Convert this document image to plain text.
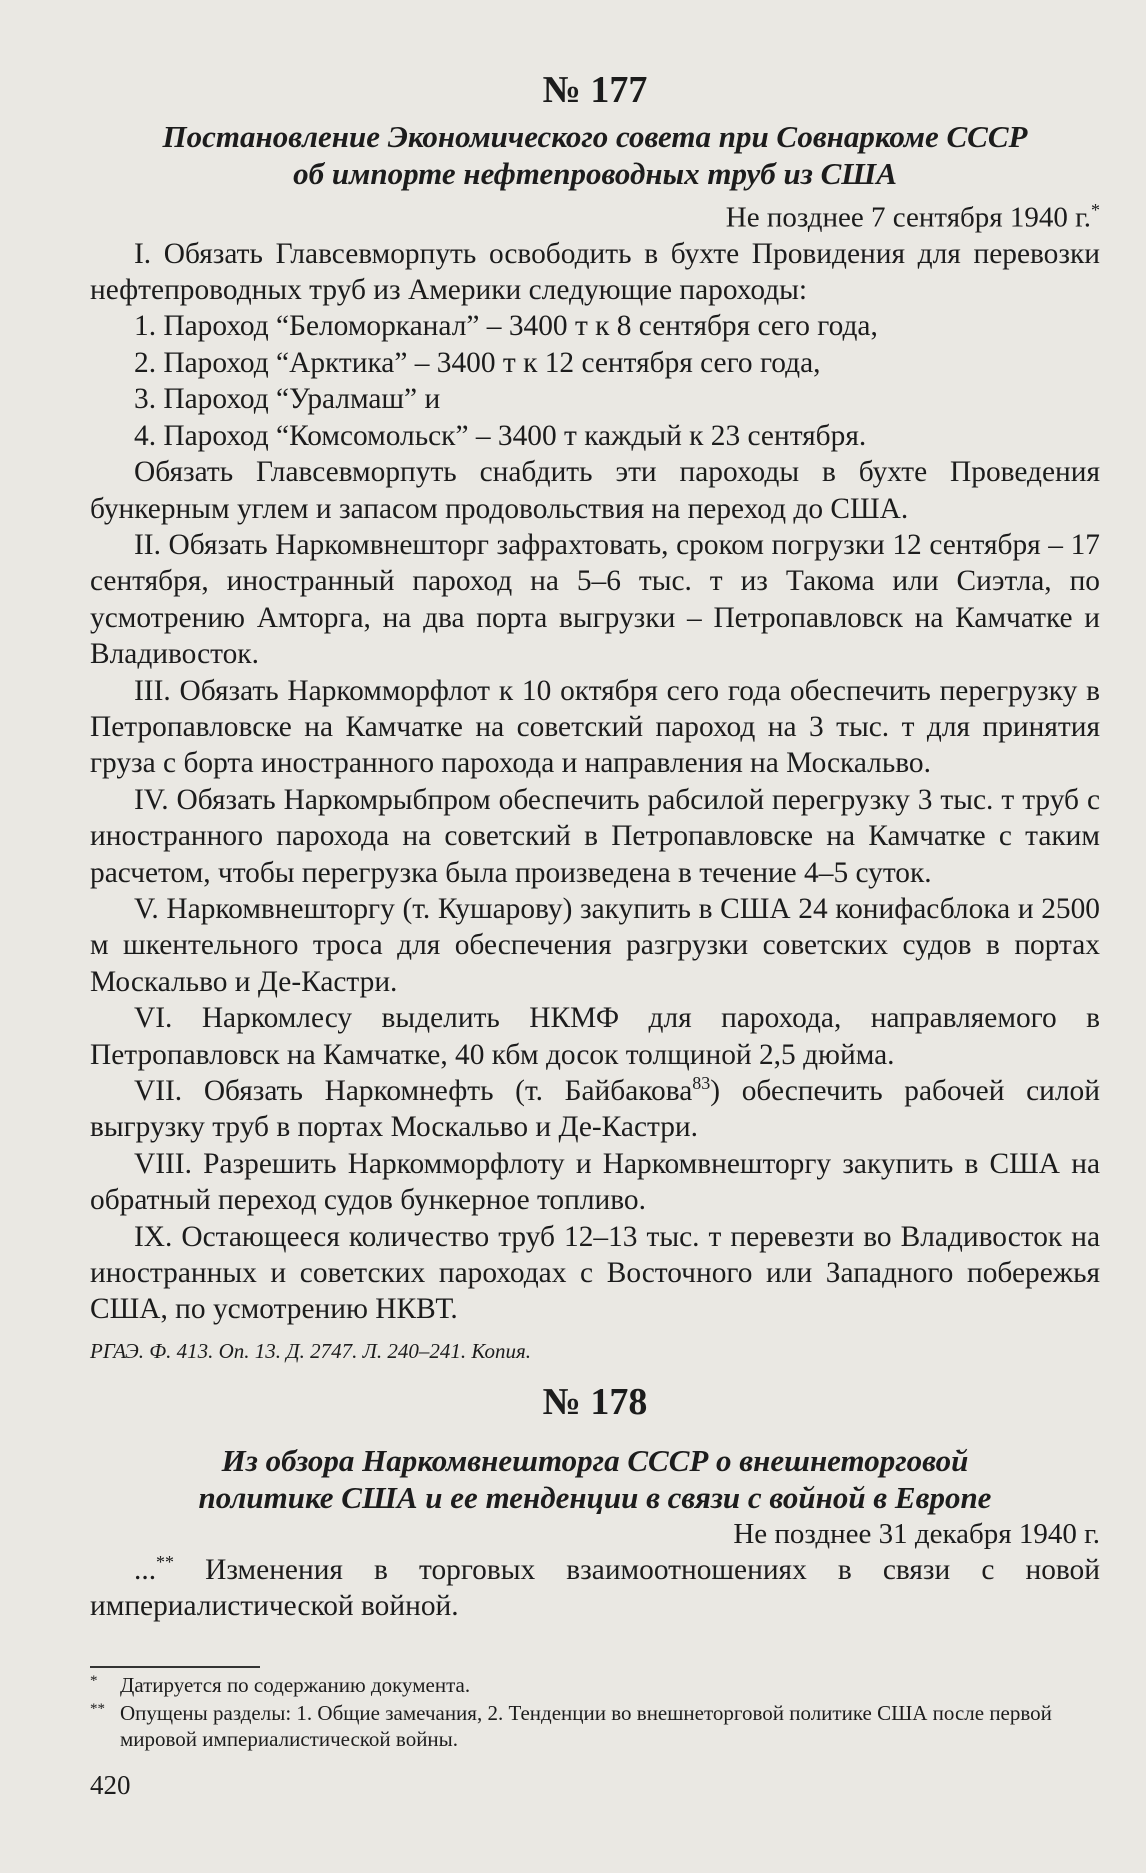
№ 177
Постановление Экономического совета при Совнаркоме СССР
об импорте нефтепроводных труб из США
Не позднее 7 сентября 1940 г.*

I. Обязать Главсевморпуть освободить в бухте Провидения для перевозки нефтепроводных труб из Америки следующие пароходы:

1. Пароход “Беломорканал” – 3400 т к 8 сентября сего года,

2. Пароход “Арктика” – 3400 т к 12 сентября сего года,

3. Пароход “Уралмаш” и

4. Пароход “Комсомольск” – 3400 т каждый к 23 сентября.

Обязать Главсевморпуть снабдить эти пароходы в бухте Проведения бункерным углем и запасом продовольствия на переход до США.

II. Обязать Наркомвнешторг зафрахтовать, сроком погрузки 12 сентября – 17 сентября, иностранный пароход на 5–6 тыс. т из Такома или Сиэтла, по усмотрению Амторга, на два порта выгрузки – Петропавловск на Камчатке и Владивосток.

III. Обязать Наркомморфлот к 10 октября сего года обеспечить перегрузку в Петропавловске на Камчатке на советский пароход на 3 тыс. т для принятия груза с борта иностранного парохода и направления на Москальво.

IV. Обязать Наркомрыбпром обеспечить рабсилой перегрузку 3 тыс. т труб с иностранного парохода на советский в Петропавловске на Камчатке с таким расчетом, чтобы перегрузка была произведена в течение 4–5 суток.

V. Наркомвнешторгу (т. Кушарову) закупить в США 24 конифасблока и 2500 м шкентельного троса для обеспечения разгрузки советских судов в портах Москальво и Де-Кастри.

VI. Наркомлесу выделить НКМФ для парохода, направляемого в Петропавловск на Камчатке, 40 кбм досок толщиной 2,5 дюйма.

VII. Обязать Наркомнефть (т. Байбакова$^{83}$) обеспечить рабочей силой выгрузку труб в портах Москальво и Де-Кастри.

VIII. Разрешить Наркомморфлоту и Наркомвнешторгу закупить в США на обратный переход судов бункерное топливо.

IX. Остающееся количество труб 12–13 тыс. т перевезти во Владивосток на иностранных и советских пароходах с Восточного или Западного побережья США, по усмотрению НКВТ.

РГАЭ. Ф. 413. Оп. 13. Д. 2747. Л. 240–241. Копия.
№ 178
Из обзора Наркомвнешторга СССР о внешнеторговой
политике США и ее тенденции в связи с войной в Европе
Не позднее 31 декабря 1940 г.

...** Изменения в торговых взаимоотношениях в связи с новой империалистической войной.

* Датируется по содержанию документа.
** Опущены разделы: 1. Общие замечания, 2. Тенденции во внешнеторговой политике США после первой мировой империалистической войны.
420
